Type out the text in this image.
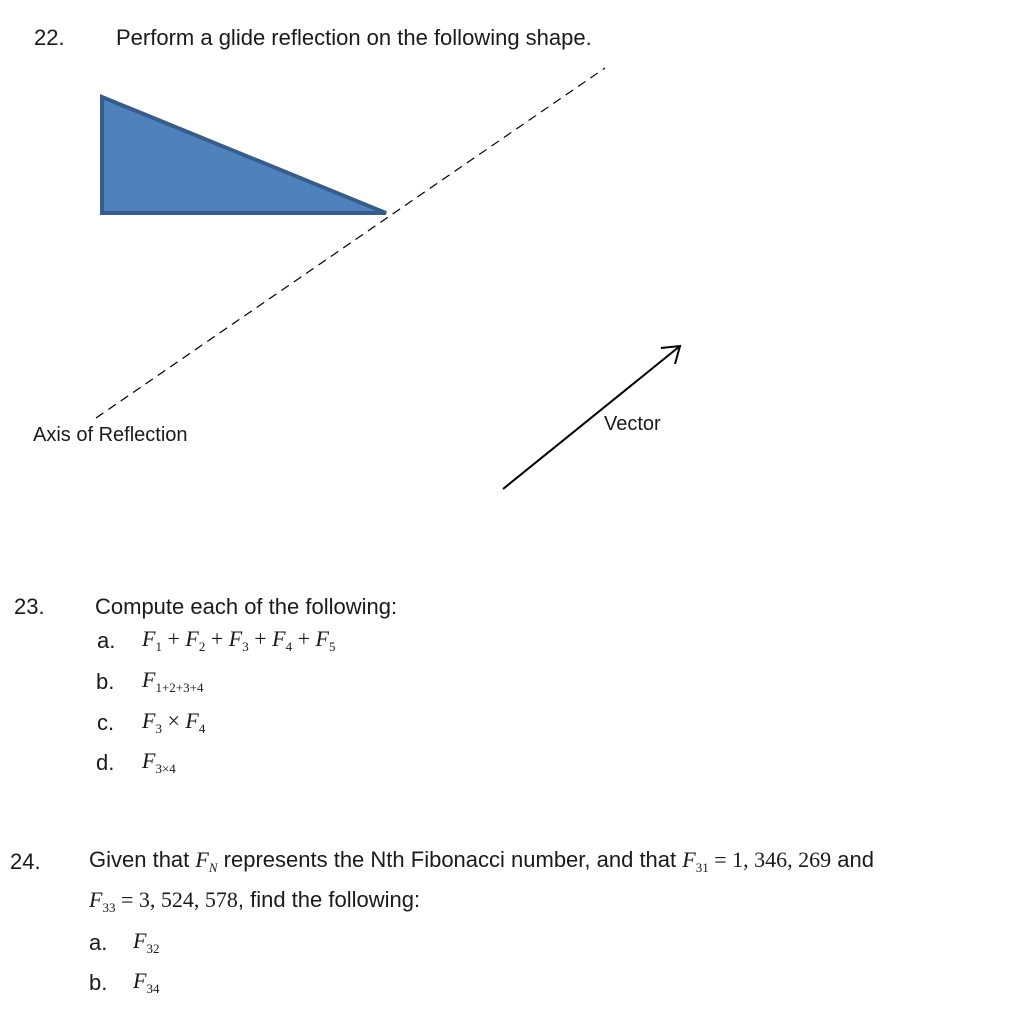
22. Perform a glide reflection on the following shape.
Axis of Reflection	Vector
23. Compute each of the following:
a. $F_1 + F_2 + F_3 + F_4 + F_5$
b. $F_{1+2+3+4}$
c. $F_3 \times F_4$
d. $F_{3\times 4}$
24. Given that $F_N$ represents the Nth Fibonacci number, and that $F_{31} = 1$, 346, 269 and
$F_{33} = 3$, 524, 578, find the following:
a. $F_{32}$
b. $F_{34}$
